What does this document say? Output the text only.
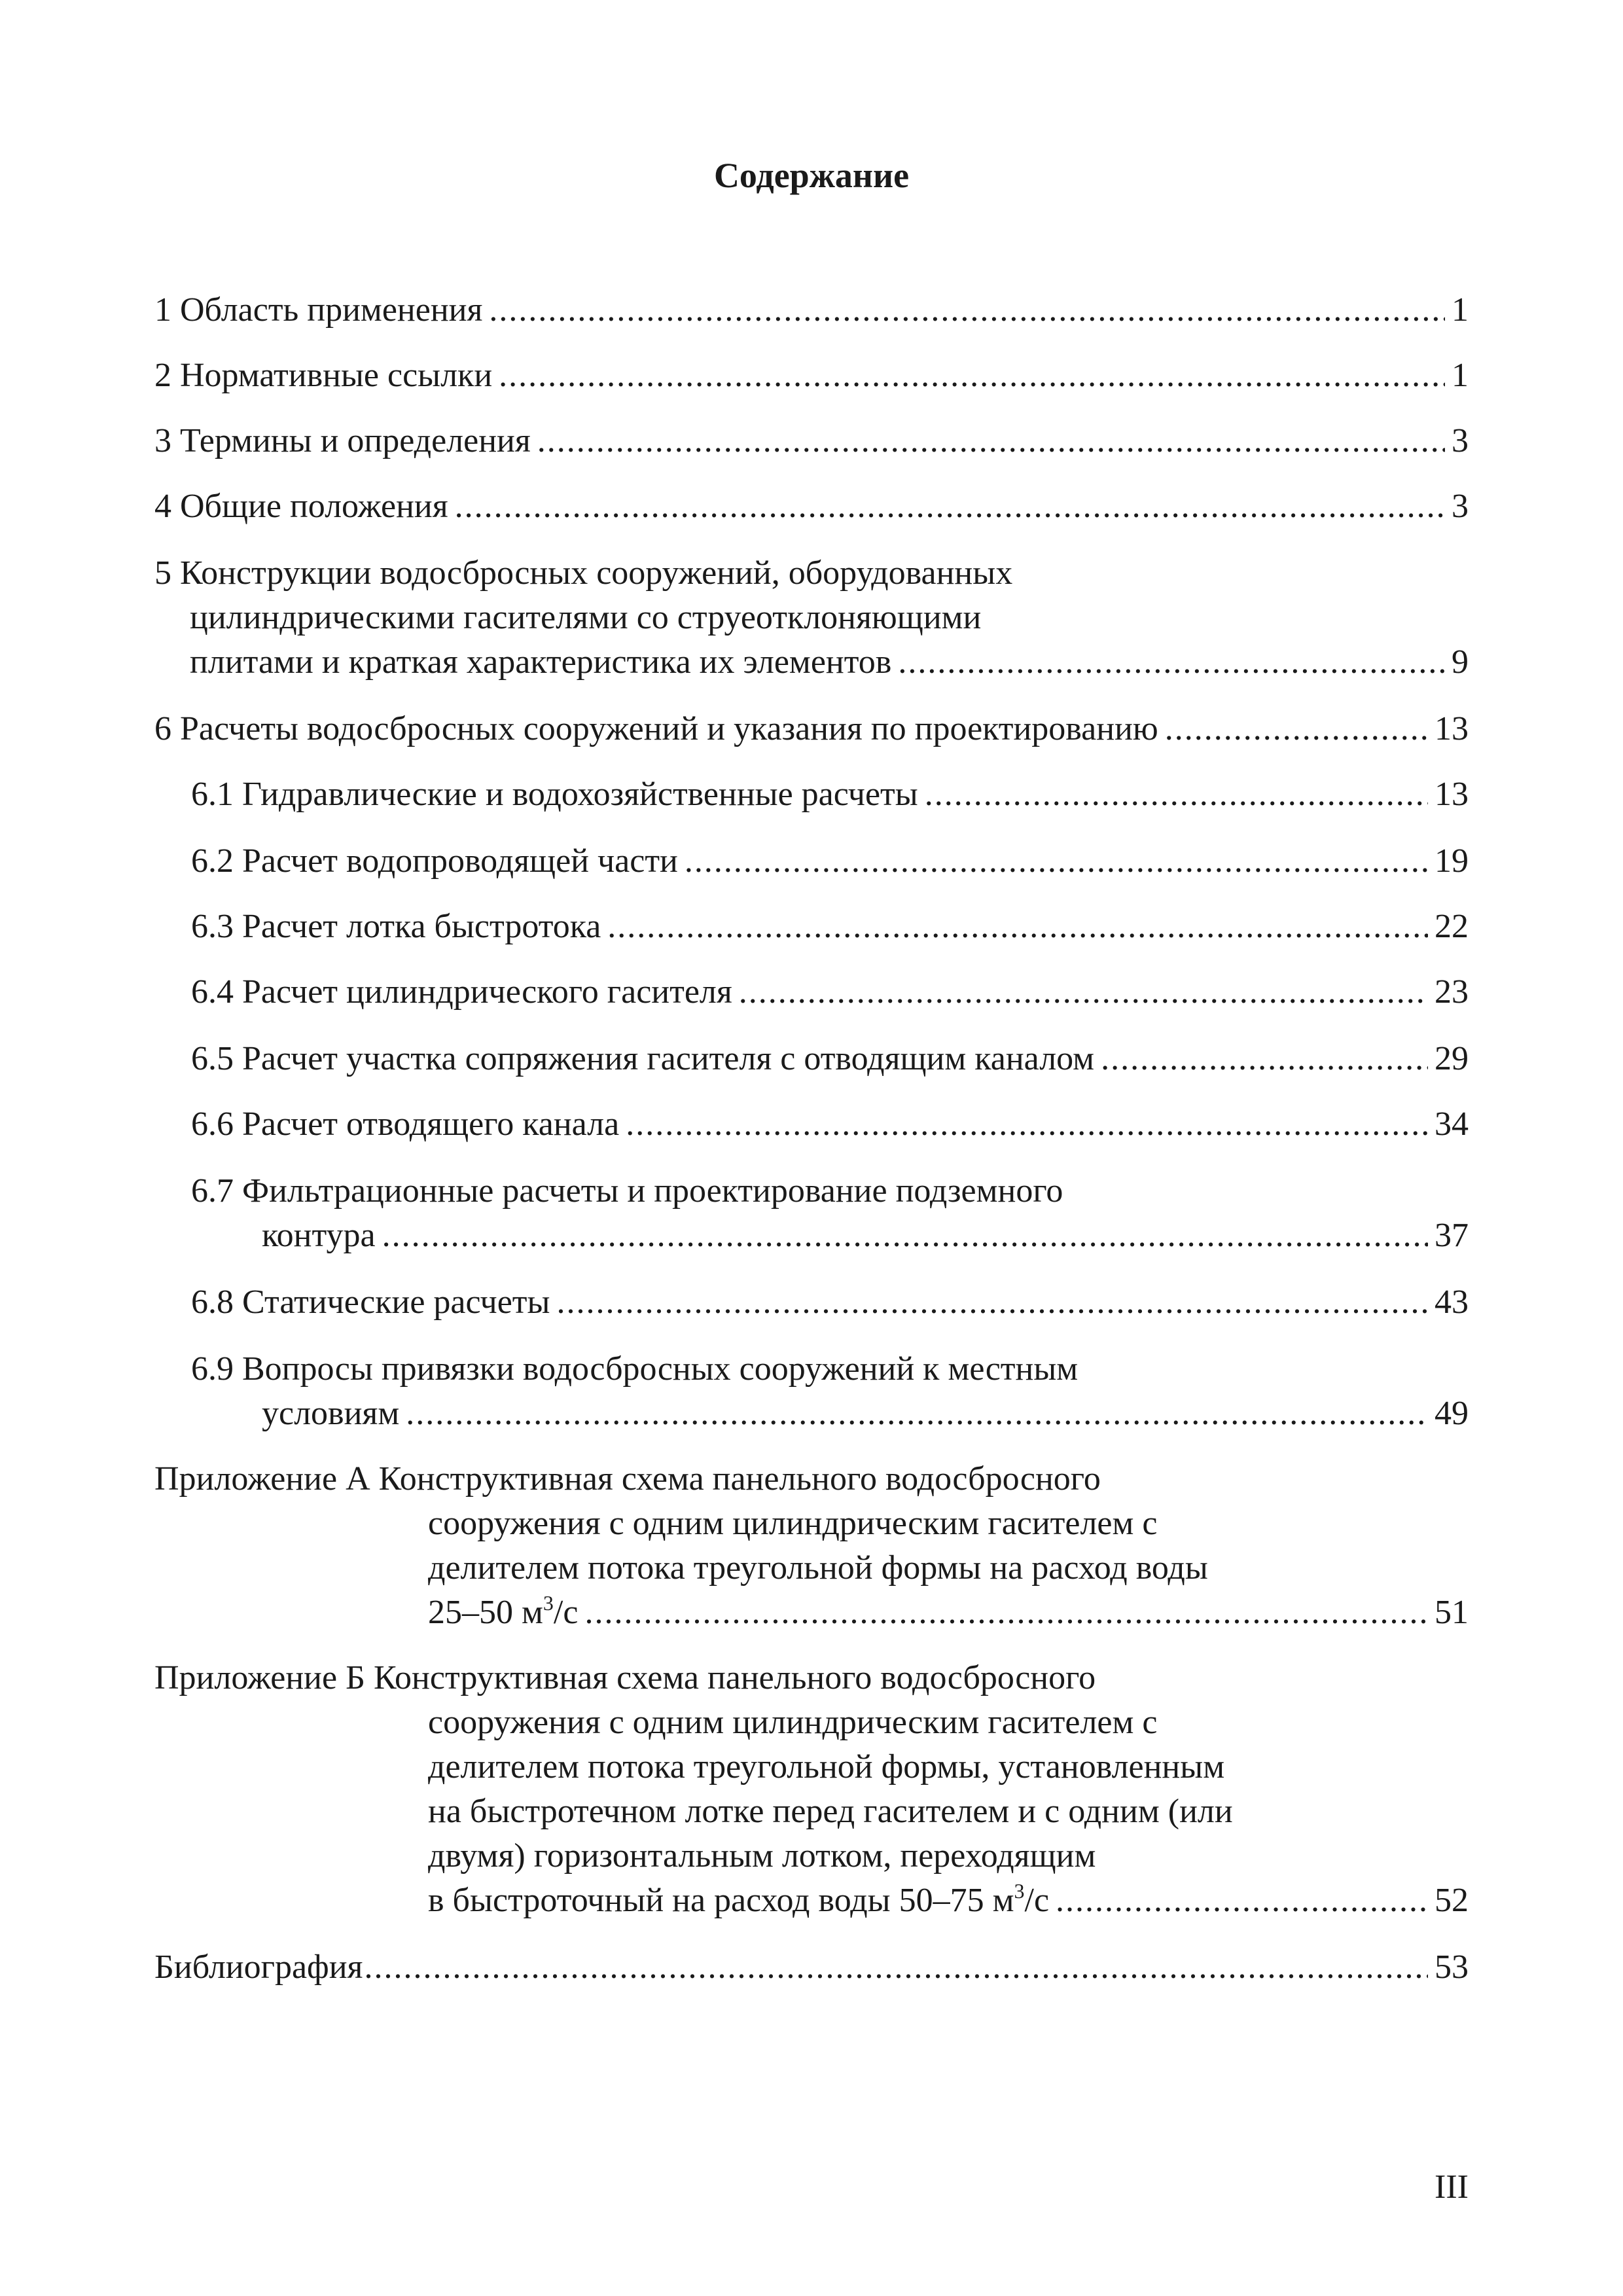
Содержание
1 Область применения .....	1
2 Нормативные ссылки .....	1
3 Термины и определения .....	3
4 Общие положения .....	3
5 Конструкции водосбросных сооружений, оборудованных
цилиндрическими гасителями со струеотклоняющими
плитами и краткая характеристика их элементов .....	9
6 Расчеты водосбросных сооружений и указания по проектированию .....	13
6.1 Гидравлические и водохозяйственные расчеты .....	13
6.2 Расчет водопроводящей части .....	19
6.3 Расчет лотка быстротока .....	22
6.4 Расчет цилиндрического гасителя .....	23
6.5 Расчет участка сопряжения гасителя с отводящим каналом .....	29
6.6 Расчет отводящего канала .....	34
6.7 Фильтрационные расчеты и проектирование подземного
контура .....	37
6.8 Статические расчеты .....	43
6.9 Вопросы привязки водосбросных сооружений к местным
условиям .....	49
Приложение А Конструктивная схема панельного водосбросного
сооружения с одним цилиндрическим гасителем с
делителем потока треугольной формы на расход воды
25–50 $м^3/с$ .....	51
Приложение Б Конструктивная схема панельного водосбросного
сооружения с одним цилиндрическим гасителем с
делителем потока треугольной формы, установленным
на быстротечном лотке перед гасителем и с одним (или
двумя) горизонтальным лотком, переходящим
в быстроточный на расход воды 50–75 $м^3/с$ .....	52
Библиография .....	53
III
